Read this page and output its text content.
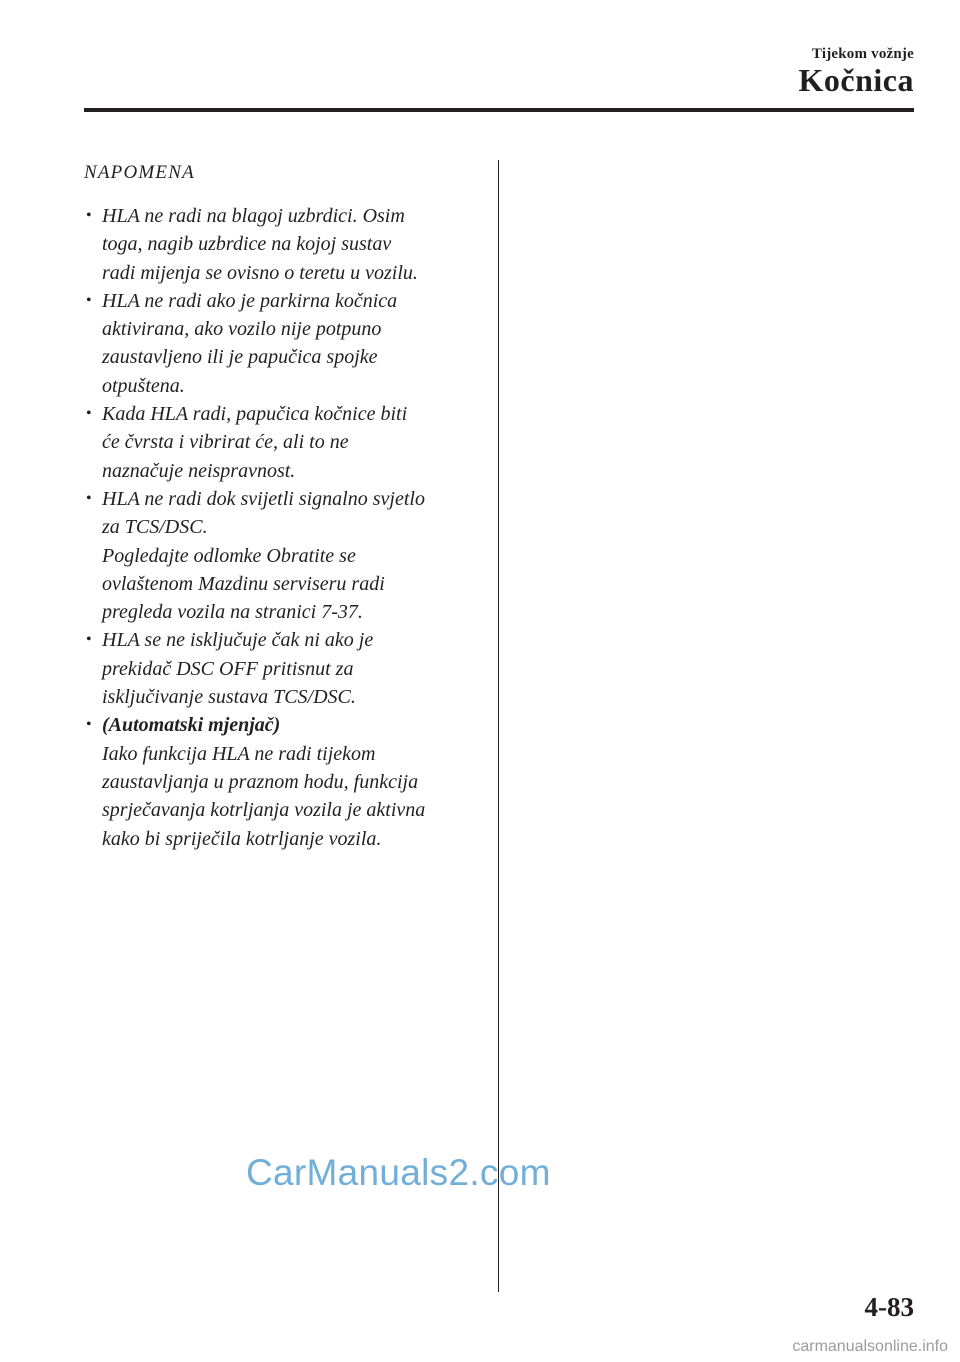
Tijekom vožnje
Kočnica
NAPOMENA
• HLA ne radi na blagoj uzbrdici. Osim
toga, nagib uzbrdice na kojoj sustav
radi mijenja se ovisno o teretu u vozilu.
• HLA ne radi ako je parkirna kočnica
aktivirana, ako vozilo nije potpuno
zaustavljeno ili je papučica spojke
otpuštena.
• Kada HLA radi, papučica kočnice biti
će čvrsta i vibrirat će, ali to ne
naznačuje neispravnost.
• HLA ne radi dok svijetli signalno svjetlo
za TCS/DSC.
Pogledajte odlomke Obratite se
ovlaštenom Mazdinu serviseru radi
pregleda vozila na stranici 7-37.
• HLA se ne isključuje čak ni ako je
prekidač DSC OFF pritisnut za
isključivanje sustava TCS/DSC.
• (Automatski mjenjač)
Iako funkcija HLA ne radi tijekom
zaustavljanja u praznom hodu, funkcija
sprječavanja kotrljanja vozila je aktivna
kako bi spriječila kotrljanje vozila.
CarManuals2.com
4-83
carmanualsonline.info
